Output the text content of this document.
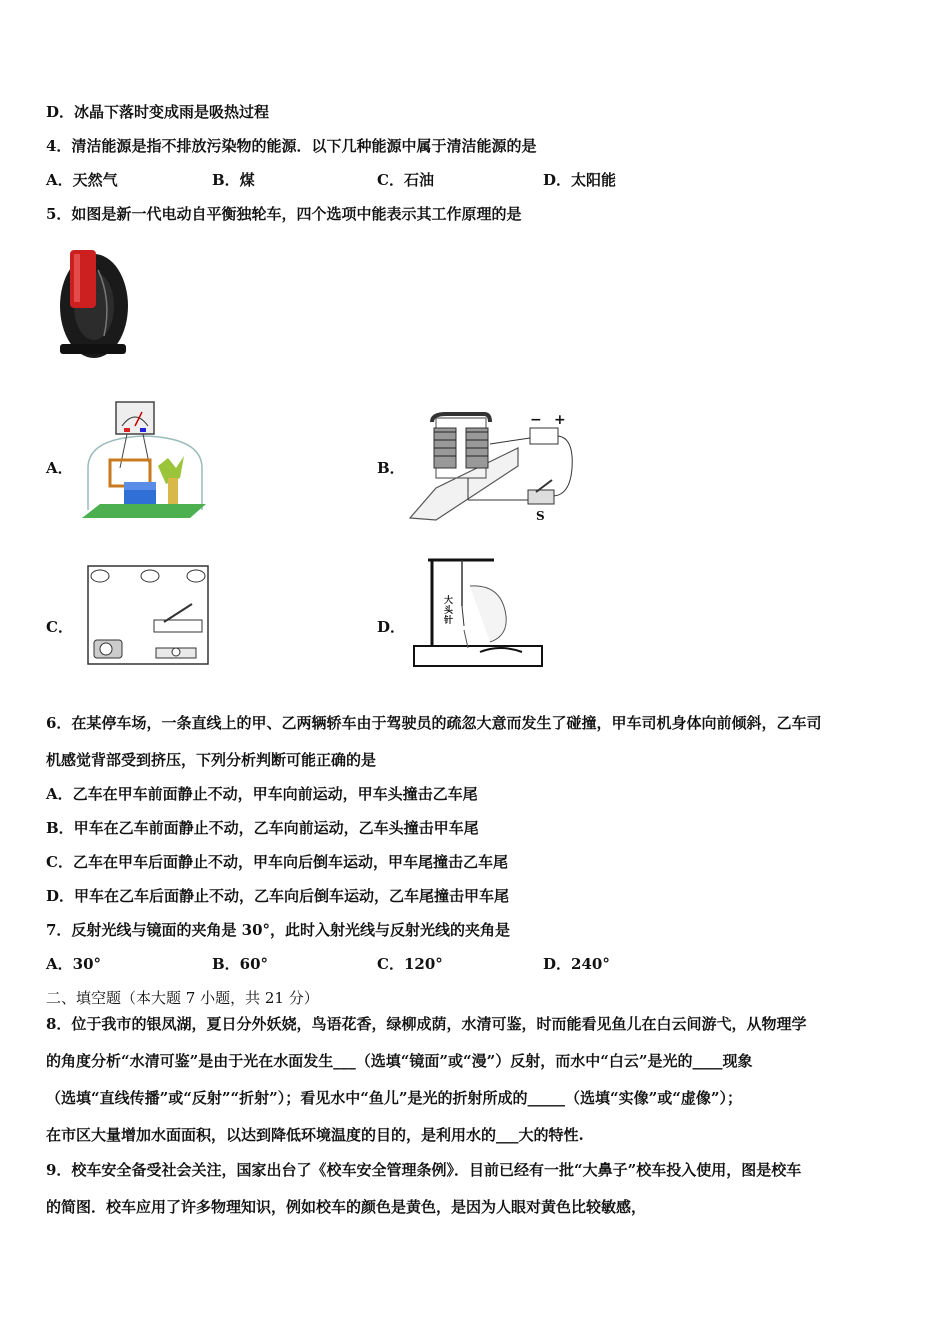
D．冰晶下落时变成雨是吸热过程
4．清洁能源是指不排放污染物的能源．以下几种能源中属于清洁能源的是
A．天然气	B．煤	C．石油	D．太阳能
5．如图是新一代电动自平衡独轮车，四个选项中能表示其工作原理的是
A．	B．
− +
S
C．	D．
大头针
6．在某停车场，一条直线上的甲、乙两辆轿车由于驾驶员的疏忽大意而发生了碰撞，甲车司机身体向前倾斜，乙车司
机感觉背部受到挤压，下列分析判断可能正确的是
A．乙车在甲车前面静止不动，甲车向前运动，甲车头撞击乙车尾
B．甲车在乙车前面静止不动，乙车向前运动，乙车头撞击甲车尾
C．乙车在甲车后面静止不动，甲车向后倒车运动，甲车尾撞击乙车尾
D．甲车在乙车后面静止不动，乙车向后倒车运动，乙车尾撞击甲车尾
7．反射光线与镜面的夹角是 30°，此时入射光线与反射光线的夹角是
A．30°	B．60°	C．120°	D．240°
二、填空题（本大题 7 小题，共 21 分）
8．位于我市的银凤湖，夏日分外妖娆，鸟语花香，绿柳成荫，水清可鉴，时而能看见鱼儿在白云间游弋，从物理学
的角度分析“水清可鉴”是由于光在水面发生___（选填“镜面”或“漫”）反射，而水中“白云”是光的____现象
（选填“直线传播”或“反射”“折射”）；看见水中“鱼儿”是光的折射所成的_____（选填“实像”或“虚像”）；
在市区大量增加水面面积，以达到降低环境温度的目的，是利用水的___大的特性.
9．校车安全备受社会关注，国家出台了《校车安全管理条例》．目前已经有一批“大鼻子”校车投入使用，图是校车
的简图．校车应用了许多物理知识，例如校车的颜色是黄色，是因为人眼对黄色比较敏感，
